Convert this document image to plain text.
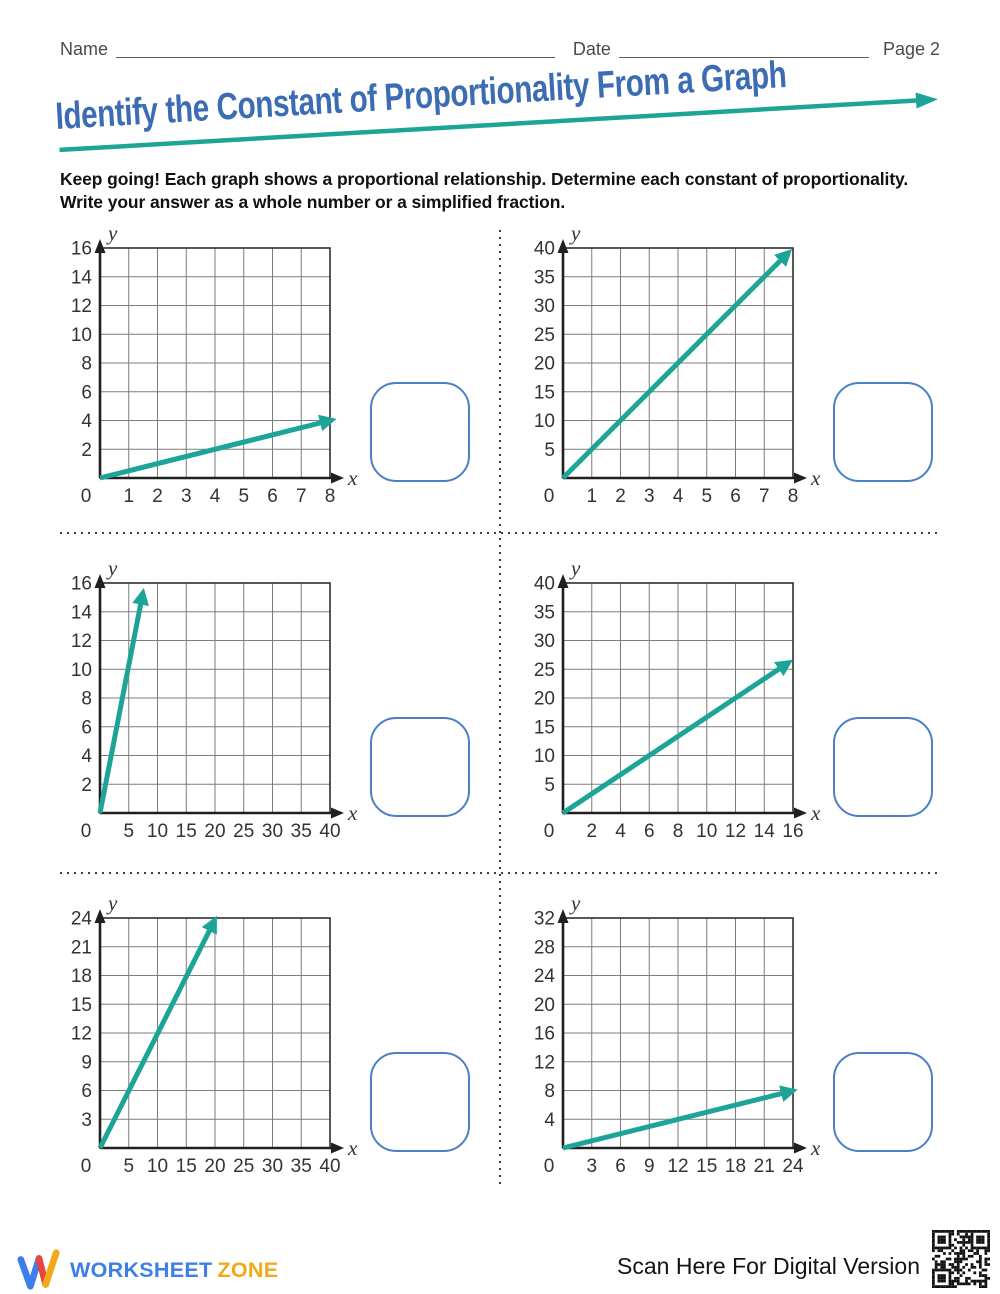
Name	Date	Page 2
Identify the Constant of Proportionality From a Graph
Keep going! Each graph shows a proportional relationship. Determine each constant of proportionality.
Write your answer as a whole number or a simplified fraction.
y
x
0 1 2 3 4 5 6 7 8
2
4
6
8
10
12
14
16
y
x
0 1 2 3 4 5 6 7 8
5
10
15
20
25
30
35
40
y
x
0 5 10 15 20 25 30 35 40
2
4
6
8
10
12
14
16
y
x
0 2 4 6 8 10 12 14 16
5
10
15
20
25
30
35
40
y
x
0 5 10 15 20 25 30 35 40
3
6
9
12
15
18
21
24
y
x
0 3 6 9 12 15 18 21 24
4
8
12
16
20
24
28
32
WORKSHEET ZONE	Scan Here For Digital Version
